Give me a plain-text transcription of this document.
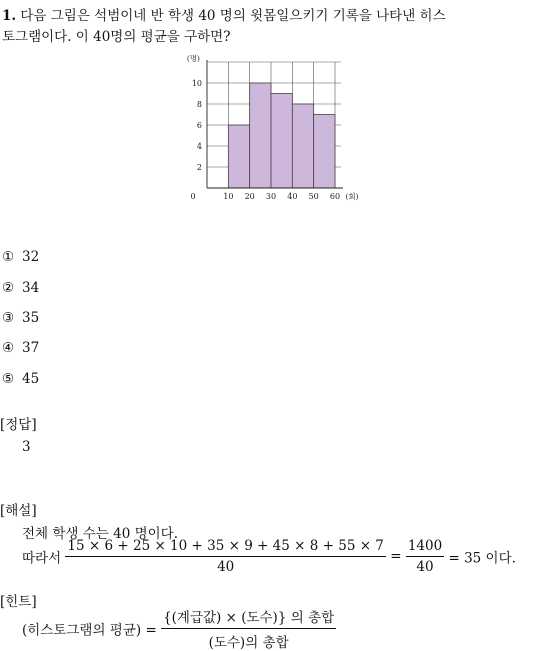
1. 다음 그림은 석범이네 반 학생 40 명의 윗몸일으키기 기록을 나타낸 히스
토그램이다. 이 40명의 평균을 구하면?
2
4
6
8
10
0	10 20 30 40 50 60
(명)
(회)
① 32
② 34
③ 35
④ 37
⑤ 45
[정답]
3
[해설]
전체 학생 수는 40 명이다.
따라서 $\frac{15 \times 6 + 25 \times 10 + 35 \times 9 + 45 \times 8 + 55 \times 7}{40} = \frac{1400}{40} = 35$ 이다.
[힌트]
(히스토그램의 평균) = $\frac{\text{\{(계급값) × (도수)\} 의 총합}}{\text{(도수)의 총합}}$
